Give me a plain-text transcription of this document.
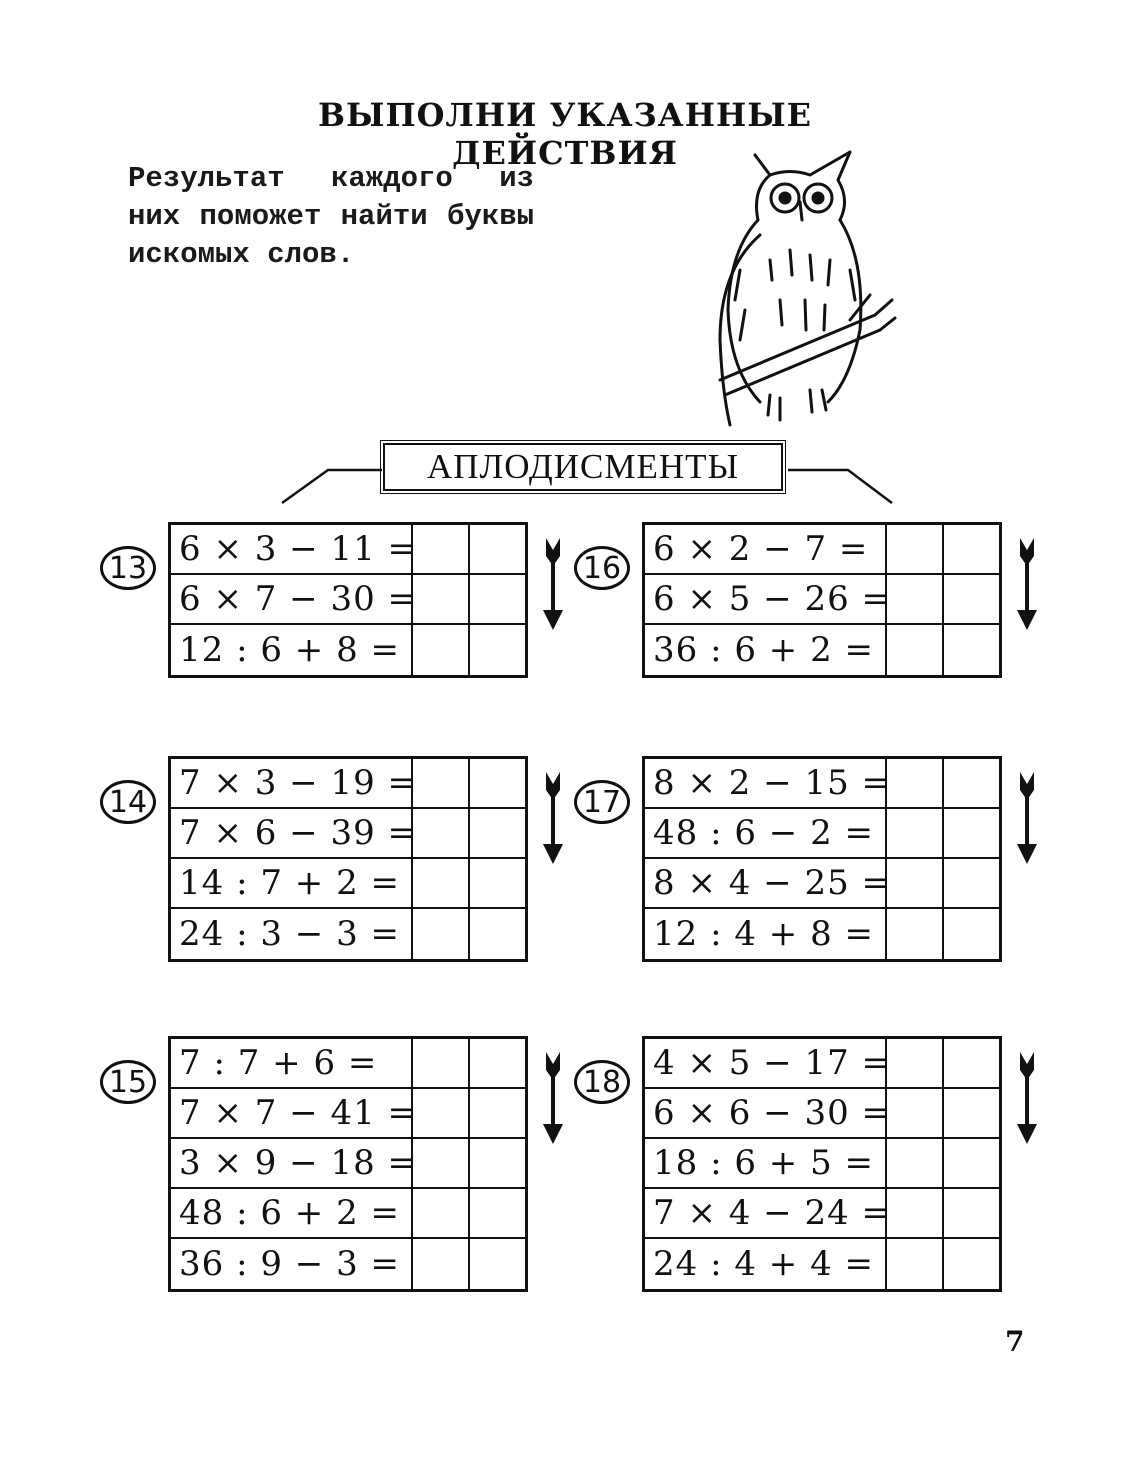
ВЫПОЛНИ УКАЗАННЫЕ ДЕЙСТВИЯ

Результат каждого из них поможет найти буквы искомых слов.

АПЛОДИСМЕНТЫ
13 6 × 3 − 11 =
6 × 7 − 30 =
12 : 6 + 8 =
14 7 × 3 − 19 =
7 × 6 − 39 =
14 : 7 + 2 =
24 : 3 − 3 =
15 7 : 7 + 6 =
7 × 7 − 41 =
3 × 9 − 18 =
48 : 6 + 2 =
36 : 9 − 3 =
16 6 × 2 − 7 =
6 × 5 − 26 =
36 : 6 + 2 =
17 8 × 2 − 15 =
48 : 6 − 2 =
8 × 4 − 25 =
12 : 4 + 8 =
18 4 × 5 − 17 =
6 × 6 − 30 =
18 : 6 + 5 =
7 × 4 − 24 =
24 : 4 + 4 =
7
